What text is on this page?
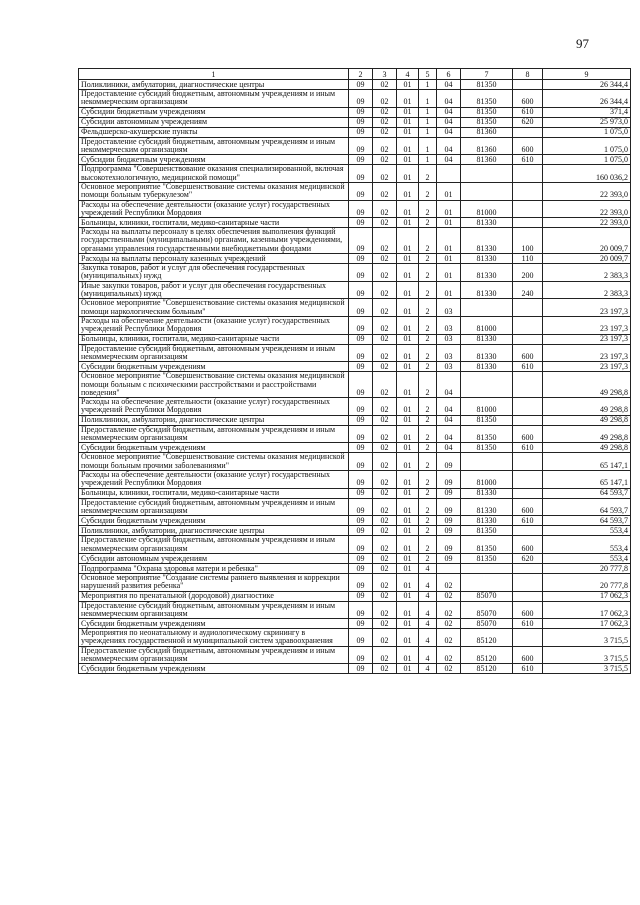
97
1	2	3	4	5	6	7	8	9
Поликлиники, амбулатории, диагностические центры	09	02	01	1	04	81350		26 344,4
Предоставление субсидий бюджетным, автономным учреждениям и иным некоммерческим организациям	09	02	01	1	04	81350	600	26 344,4
Субсидии бюджетным учреждениям	09	02	01	1	04	81350	610	371,4
Субсидии автономным учреждениям	09	02	01	1	04	81350	620	25 973,0
Фельдшерско-акушерские пункты	09	02	01	1	04	81360		1 075,0
Предоставление субсидий бюджетным, автономным учреждениям и иным некоммерческим организациям	09	02	01	1	04	81360	600	1 075,0
Субсидии бюджетным учреждениям	09	02	01	1	04	81360	610	1 075,0
Подпрограмма "Совершенствование оказания специализированной, включая высокотехнологичную, медицинской помощи"	09	02	01	2				160 036,2
Основное мероприятие "Совершенствование системы оказания медицинской помощи больным туберкулезом"	09	02	01	2	01			22 393,0
Расходы на обеспечение деятельности (оказание услуг) государственных учреждений Республики Мордовия	09	02	01	2	01	81000		22 393,0
Больницы, клиники, госпитали, медико-санитарные части	09	02	01	2	01	81330		22 393,0
Расходы на выплаты персоналу в целях обеспечения выполнения функций государственными (муниципальными) органами, казенными учреждениями, органами управления государственными внебюджетными фондами	09	02	01	2	01	81330	100	20 009,7
Расходы на выплаты персоналу казенных учреждений	09	02	01	2	01	81330	110	20 009,7
Закупка товаров, работ и услуг для обеспечения государственных (муниципальных) нужд	09	02	01	2	01	81330	200	2 383,3
Иные закупки товаров, работ и услуг для обеспечения государственных (муниципальных) нужд	09	02	01	2	01	81330	240	2 383,3
Основное мероприятие "Совершенствование системы оказания медицинской помощи наркологическим больным"	09	02	01	2	03			23 197,3
Расходы на обеспечение деятельности (оказание услуг) государственных учреждений Республики Мордовия	09	02	01	2	03	81000		23 197,3
Больницы, клиники, госпитали, медико-санитарные части	09	02	01	2	03	81330		23 197,3
Предоставление субсидий бюджетным, автономным учреждениям и иным некоммерческим организациям	09	02	01	2	03	81330	600	23 197,3
Субсидии бюджетным учреждениям	09	02	01	2	03	81330	610	23 197,3
Основное мероприятие "Совершенствование системы оказания медицинской помощи больным с психическими расстройствами и расстройствами поведения"	09	02	01	2	04			49 298,8
Расходы на обеспечение деятельности (оказание услуг) государственных учреждений Республики Мордовия	09	02	01	2	04	81000		49 298,8
Поликлиники, амбулатории, диагностические центры	09	02	01	2	04	81350		49 298,8
Предоставление субсидий бюджетным, автономным учреждениям и иным некоммерческим организациям	09	02	01	2	04	81350	600	49 298,8
Субсидии бюджетным учреждениям	09	02	01	2	04	81350	610	49 298,8
Основное мероприятие "Совершенствование системы оказания медицинской помощи больным прочими заболеваниями"	09	02	01	2	09			65 147,1
Расходы на обеспечение деятельности (оказание услуг) государственных учреждений Республики Мордовия	09	02	01	2	09	81000		65 147,1
Больницы, клиники, госпитали, медико-санитарные части	09	02	01	2	09	81330		64 593,7
Предоставление субсидий бюджетным, автономным учреждениям и иным некоммерческим организациям	09	02	01	2	09	81330	600	64 593,7
Субсидии бюджетным учреждениям	09	02	01	2	09	81330	610	64 593,7
Поликлиники, амбулатории, диагностические центры	09	02	01	2	09	81350		553,4
Предоставление субсидий бюджетным, автономным учреждениям и иным некоммерческим организациям	09	02	01	2	09	81350	600	553,4
Субсидии автономным учреждениям	09	02	01	2	09	81350	620	553,4
Подпрограмма "Охрана здоровья матери и ребенка"	09	02	01	4				20 777,8
Основное мероприятие "Создание системы раннего выявления и коррекции нарушений развития ребенка"	09	02	01	4	02			20 777,8
Мероприятия по пренатальной (дородовой) диагностике	09	02	01	4	02	85070		17 062,3
Предоставление субсидий бюджетным, автономным учреждениям и иным некоммерческим организациям	09	02	01	4	02	85070	600	17 062,3
Субсидии бюджетным учреждениям	09	02	01	4	02	85070	610	17 062,3
Мероприятия по неонатальному и аудиологическому скринингу в учреждениях государственной и муниципальной систем здравоохранения	09	02	01	4	02	85120		3 715,5
Предоставление субсидий бюджетным, автономным учреждениям и иным некоммерческим организациям	09	02	01	4	02	85120	600	3 715,5
Субсидии бюджетным учреждениям	09	02	01	4	02	85120	610	3 715,5
